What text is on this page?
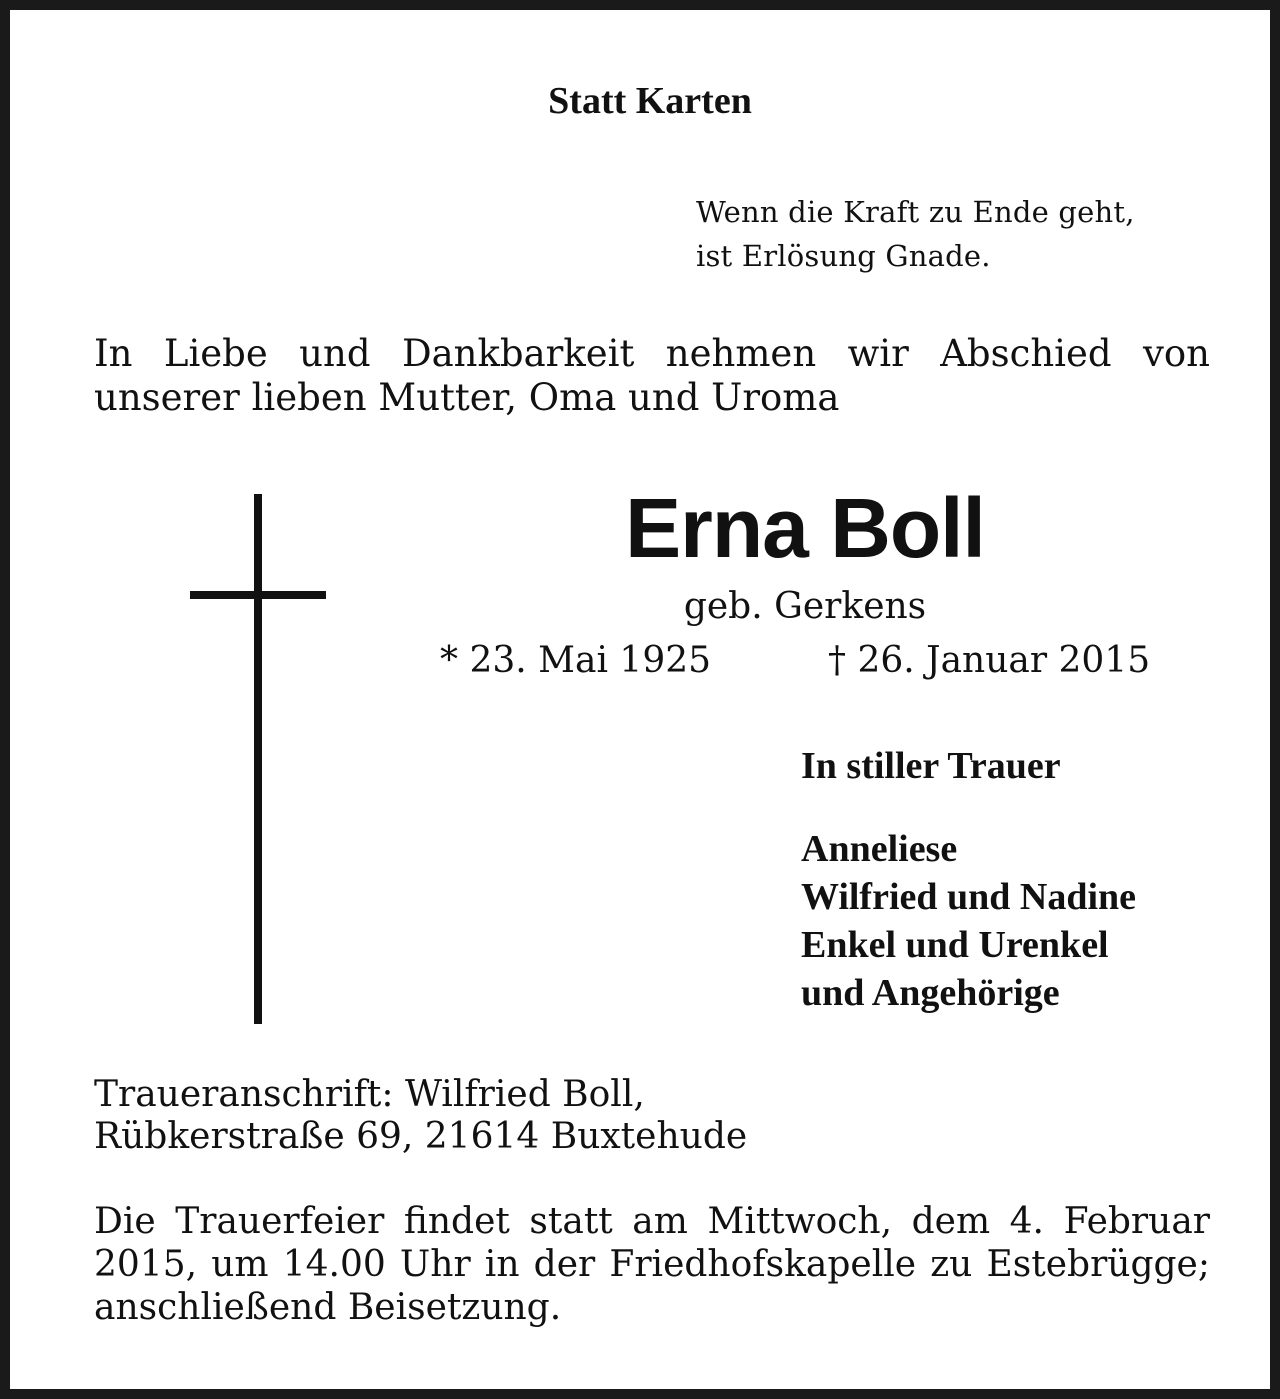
Statt Karten

Wenn die Kraft zu Ende geht,
ist Erlösung Gnade.

In Liebe und Dankbarkeit nehmen wir Abschied von unserer lieben Mutter, Oma und Uroma

Erna Boll
geb. Gerkens
* 23. Mai 1925	† 26. Januar 2015
In stiller Trauer
Anneliese
Wilfried und Nadine
Enkel und Urenkel
und Angehörige
Traueranschrift: Wilfried Boll,
Rübkerstraße 69, 21614 Buxtehude

Die Trauerfeier findet statt am Mittwoch, dem 4. Februar 2015, um 14.00 Uhr in der Friedhofskapelle zu Estebrügge; anschließend Beisetzung.
